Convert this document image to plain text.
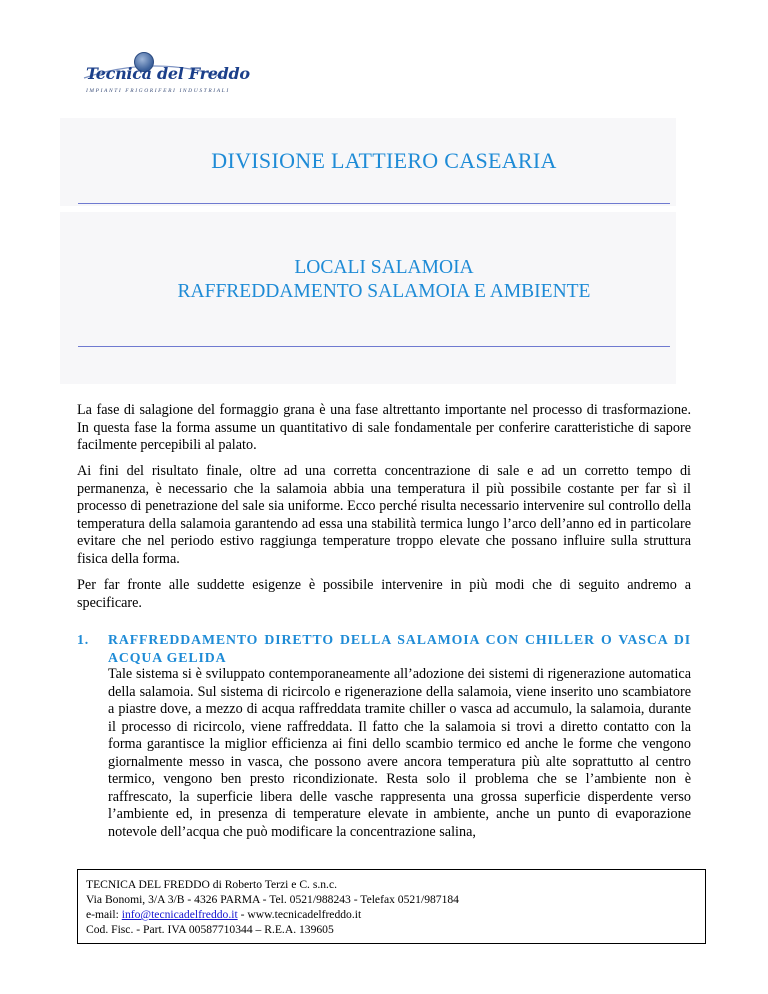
Tecnica del Freddo
IMPIANTI FRIGORIFERI INDUSTRIALI
DIVISIONE LATTIERO CASEARIA
LOCALI SALAMOIA
RAFFREDDAMENTO SALAMOIA E AMBIENTE

La fase di salagione del formaggio grana è una fase altrettanto importante nel processo di trasformazione. In questa fase la forma assume un quantitativo di sale fondamentale per conferire caratteristiche di sapore facilmente percepibili al palato.

Ai fini del risultato finale, oltre ad una corretta concentrazione di sale e ad un corretto tempo di permanenza, è necessario che la salamoia abbia una temperatura il più possibile costante per far sì il processo di penetrazione del sale sia uniforme. Ecco perché risulta necessario intervenire sul controllo della temperatura della salamoia garantendo ad essa una stabilità termica lungo l’arco dell’anno ed in particolare evitare che nel periodo estivo raggiunga temperature troppo elevate che possano influire sulla struttura fisica della forma.

Per far fronte alle suddette esigenze è possibile intervenire in più modi che di seguito andremo a specificare.

1. RAFFREDDAMENTO DIRETTO DELLA SALAMOIA CON CHILLER O VASCA DI ACQUA GELIDA
Tale sistema si è sviluppato contemporaneamente all’adozione dei sistemi di rigenerazione automatica della salamoia. Sul sistema di ricircolo e rigenerazione della salamoia, viene inserito uno scambiatore a piastre dove, a mezzo di acqua raffreddata tramite chiller o vasca ad accumulo, la salamoia, durante il processo di ricircolo, viene raffreddata. Il fatto che la salamoia si trovi a diretto contatto con la forma garantisce la miglior efficienza ai fini dello scambio termico ed anche le forme che vengono giornalmente messo in vasca, che possono avere ancora temperatura più alte soprattutto al centro termico, vengono ben presto ricondizionate. Resta solo il problema che se l’ambiente non è raffrescato, la superficie libera delle vasche rappresenta una grossa superficie disperdente verso l’ambiente ed, in presenza di temperature elevate in ambiente, anche un punto di evaporazione notevole dell’acqua che può modificare la concentrazione salina,
TECNICA DEL FREDDO di Roberto Terzi e C. s.n.c.
Via Bonomi, 3/A 3/B - 4326 PARMA - Tel. 0521/988243 - Telefax 0521/987184
e-mail: info@tecnicadelfreddo.it - www.tecnicadelfreddo.it
Cod. Fisc. - Part. IVA 00587710344 – R.E.A. 139605
